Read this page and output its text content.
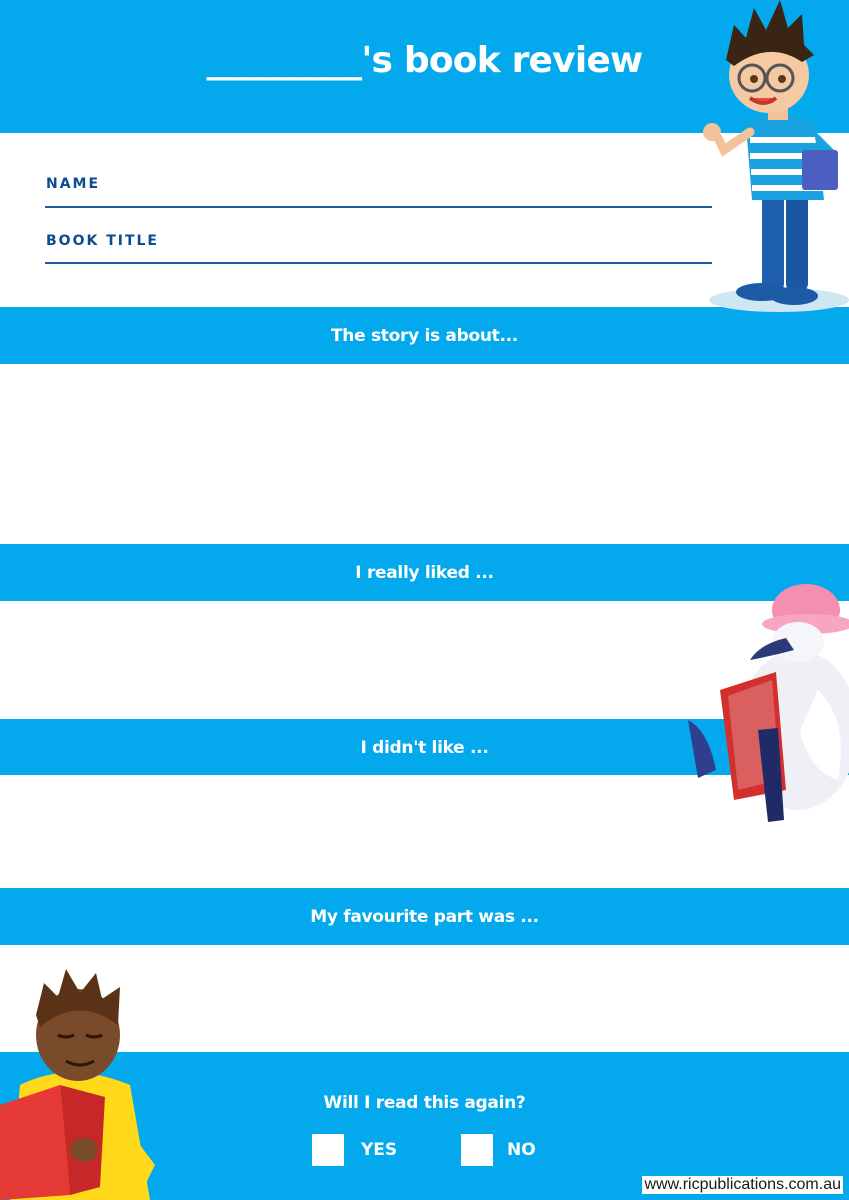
_________'s book review
NAME
BOOK TITLE
The story is about...
I really liked ...
I didn't like ...
My favourite part was ...
Will I read this again?
YES	NO
www.ricpublications.com.au
